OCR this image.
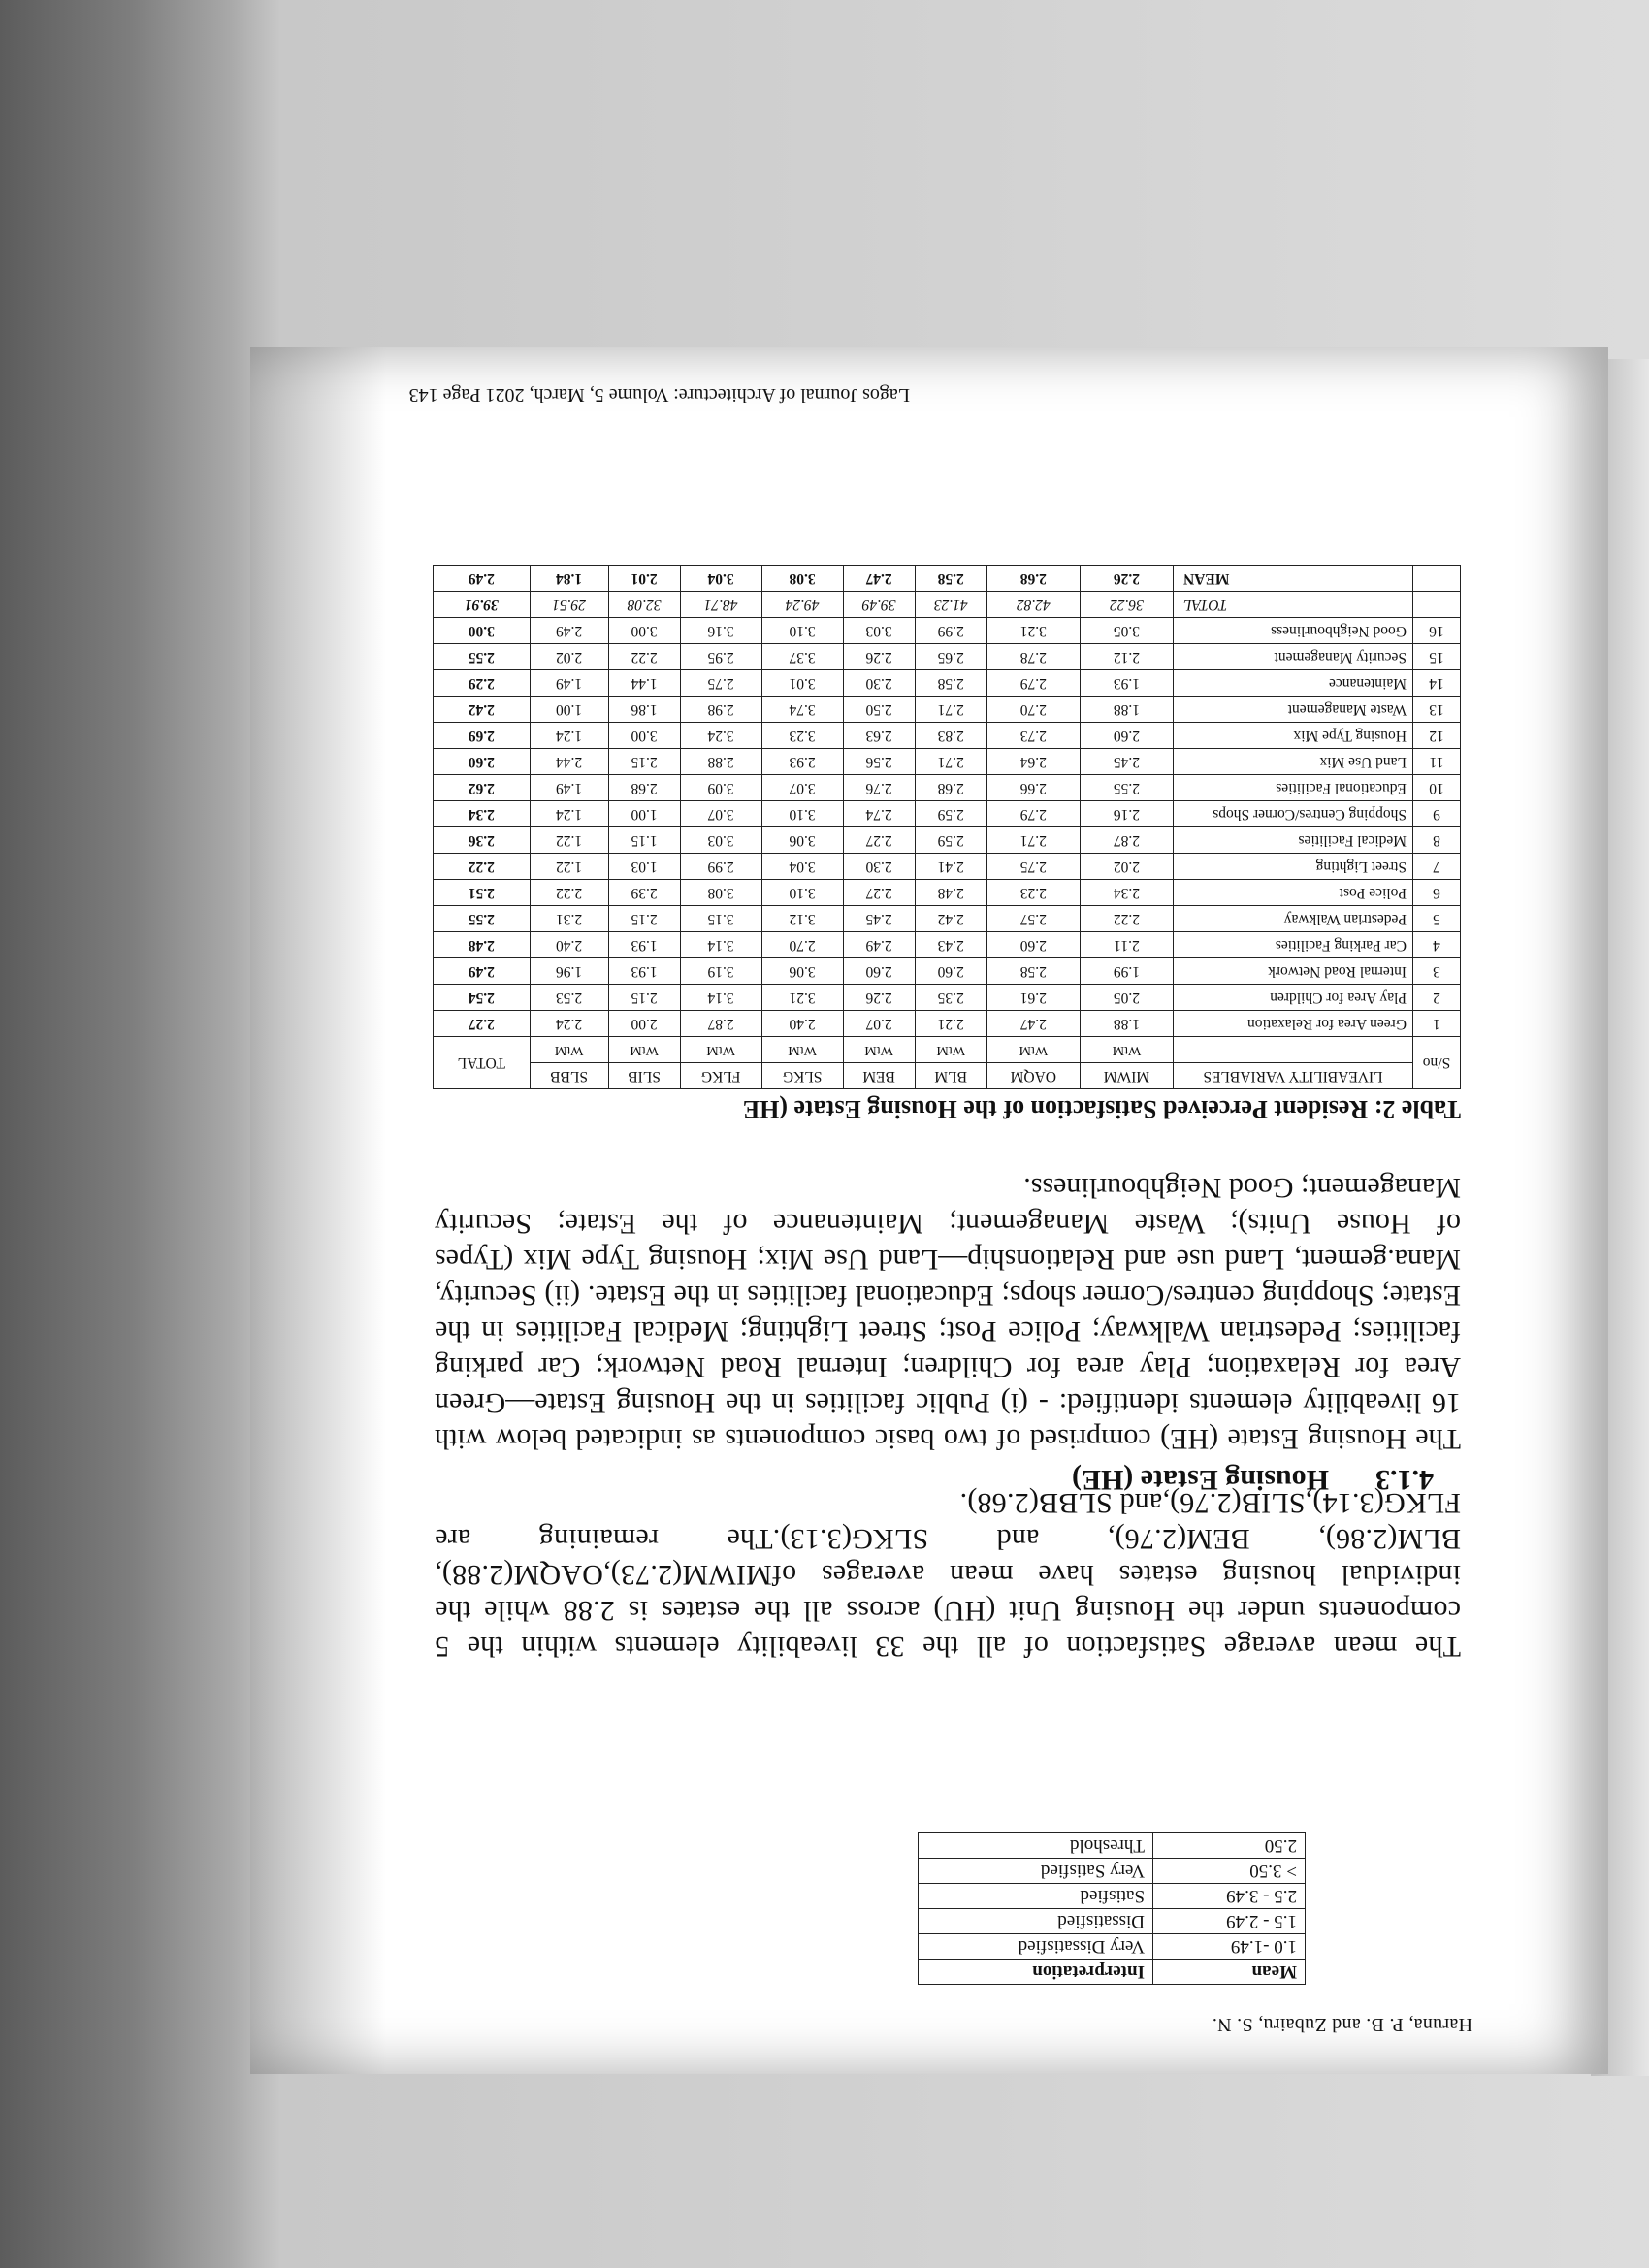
Haruna, P. B. and Zubairu, S. N.
Mean	Interpretation
1.0 -1.49	Very Dissatisfied
1.5 - 2.49	Dissatisfied
2.5 - 3.49	Satisfied
> 3.50	Very Satisfied
2.50	Threshold
The mean average Satisfaction of all the 33 liveability elements within the 5 components under the Housing Unit (HU) across all the estates is 2.88 while the individual housing estates have mean averages ofMIWM(2.73),OAQM(2.88), BLM(2.86), BEM(2.76), and SLKG(3.13).The remaining are FLKG(3.14),SLIB(2.76),and SLBB(2.68).
4.1.3Housing Estate (HE)
The Housing Estate (HE) comprised of two basic components as indicated below with 16 liveability elements identified: - (i) Public facilities in the Housing Estate—Green Area for Relaxation; Play area for Children; Internal Road Network; Car parking facilities; Pedestrian Walkway; Police Post; Street Lighting; Medical Facilities in the Estate; Shopping centres/Corner shops; Educational facilities in the Estate. (ii) Security, Mana.gement, Land use and Relationship—Land Use Mix; Housing Type Mix (Types of House Units); Waste Management; Maintenance of the Estate; Security Management; Good Neighbourliness.
Table 2: Resident Perceived Satisfaction of the Housing Estate (HE
S/no	LIVEABILITY VARIABLES	MIWM	OAQM	BLM	BEM	SLKG	FLKG	SLIB	SLBB	TOTAL
		WtM	WtM	WtM	WtM	WtM	WtM	WtM	WtM	
1	Green Area for Relaxation	1.88	2.47	2.21	2.07	2.40	2.87	2.00	2.24	2.27
2	Play Area for Children	2.05	2.61	2.35	2.26	3.21	3.14	2.15	2.53	2.54
3	Internal Road Network	1.99	2.58	2.60	2.60	3.06	3.19	1.93	1.96	2.49
4	Car Parking Facilities	2.11	2.60	2.43	2.49	2.70	3.14	1.93	2.40	2.48
5	Pedestrian Walkway	2.22	2.57	2.42	2.45	3.12	3.15	2.15	2.31	2.55
6	Police Post	2.34	2.23	2.48	2.27	3.10	3.08	2.39	2.22	2.51
7	Street Lighting	2.02	2.75	2.41	2.30	3.04	2.99	1.03	1.22	2.22
8	Medical Facilities	2.87	2.71	2.59	2.27	3.06	3.03	1.15	1.22	2.36
9	Shopping Centres/Corner Shops	2.16	2.79	2.59	2.74	3.10	3.07	1.00	1.24	2.34
10	Educational Facilities	2.55	2.66	2.68	2.76	3.07	3.09	2.68	1.49	2.62
11	Land Use Mix	2.45	2.64	2.71	2.56	2.93	2.88	2.15	2.44	2.60
12	Housing Type Mix	2.60	2.73	2.83	2.63	3.23	3.24	3.00	1.24	2.69
13	Waste Management	1.88	2.70	2.71	2.50	3.74	2.98	1.86	1.00	2.42
14	Maintenance	1.93	2.79	2.58	2.30	3.01	2.75	1.44	1.49	2.29
15	Security Management	2.12	2.78	2.65	2.26	3.37	2.95	2.22	2.02	2.55
16	Good Neighbourliness	3.05	3.21	2.99	3.03	3.10	3.16	3.00	2.49	3.00
	TOTAL	36.22	42.82	41.23	39.49	49.24	48.71	32.08	29.51	39.91
	MEAN	2.26	2.68	2.58	2.47	3.08	3.04	2.01	1.84	2.49
Lagos Journal of Architecture: Volume 5, March, 2021 Page 143
